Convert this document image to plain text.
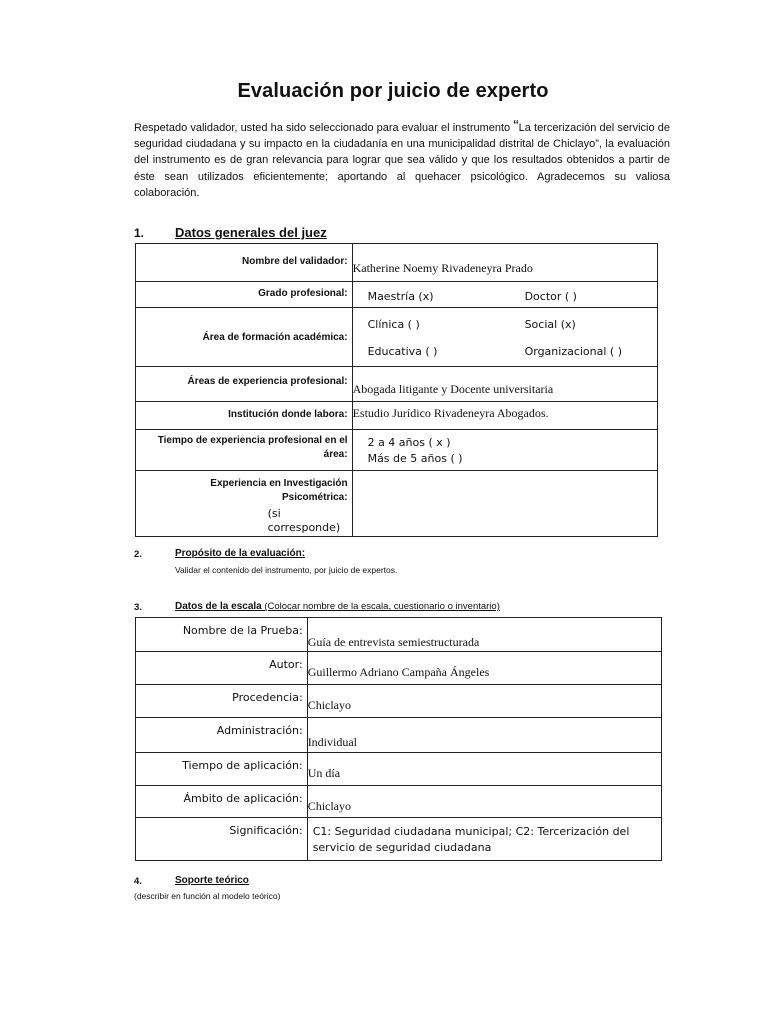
Evaluación por juicio de experto
Respetado validador, usted ha sido seleccionado para evaluar el instrumento “La tercerización del servicio de seguridad ciudadana y su impacto en la ciudadanía en una municipalidad distrital de Chiclayo”, la evaluación del instrumento es de gran relevancia para lograr que sea válido y que los resultados obtenidos a partir de éste sean utilizados eficientemente; aportando al quehacer psicológico. Agradecemos su valiosa colaboración.
1. Datos generales del juez
Nombre del validador:	Katherine Noemy Rivadeneyra Prado
Grado profesional:	Maestría (x) Doctor ( )
Área de formación académica:	Clínica ( ) Social (x)
Educativa ( ) Organizacional ( )

Áreas de experiencia profesional:	Abogada litigante y Docente universitaria
Institución donde labora:	Estudio Jurídico Rivadeneyra Abogados.
Tiempo de experiencia profesional en el área:	2 a 4 años ( x )
Más de 5 años ( )

Experiencia en Investigación Psicométrica:
(si corresponde)	
2.	Propósito de la evaluación:
Validar el contenido del instrumento, por juicio de expertos.
3.	Datos de la escala (Colocar nombre de la escala, cuestionario o inventario)
Nombre de la Prueba:	Guía de entrevista semiestructurada
Autor:	Guillermo Adriano Campaña Ángeles
Procedencia:	Chiclayo
Administración:	Individual
Tiempo de aplicación:	Un día
Ámbito de aplicación:	Chiclayo
Significación:	C1: Seguridad ciudadana municipal; C2: Tercerización del servicio de seguridad ciudadana
4.	Soporte teórico
(describir en función al modelo teórico)
